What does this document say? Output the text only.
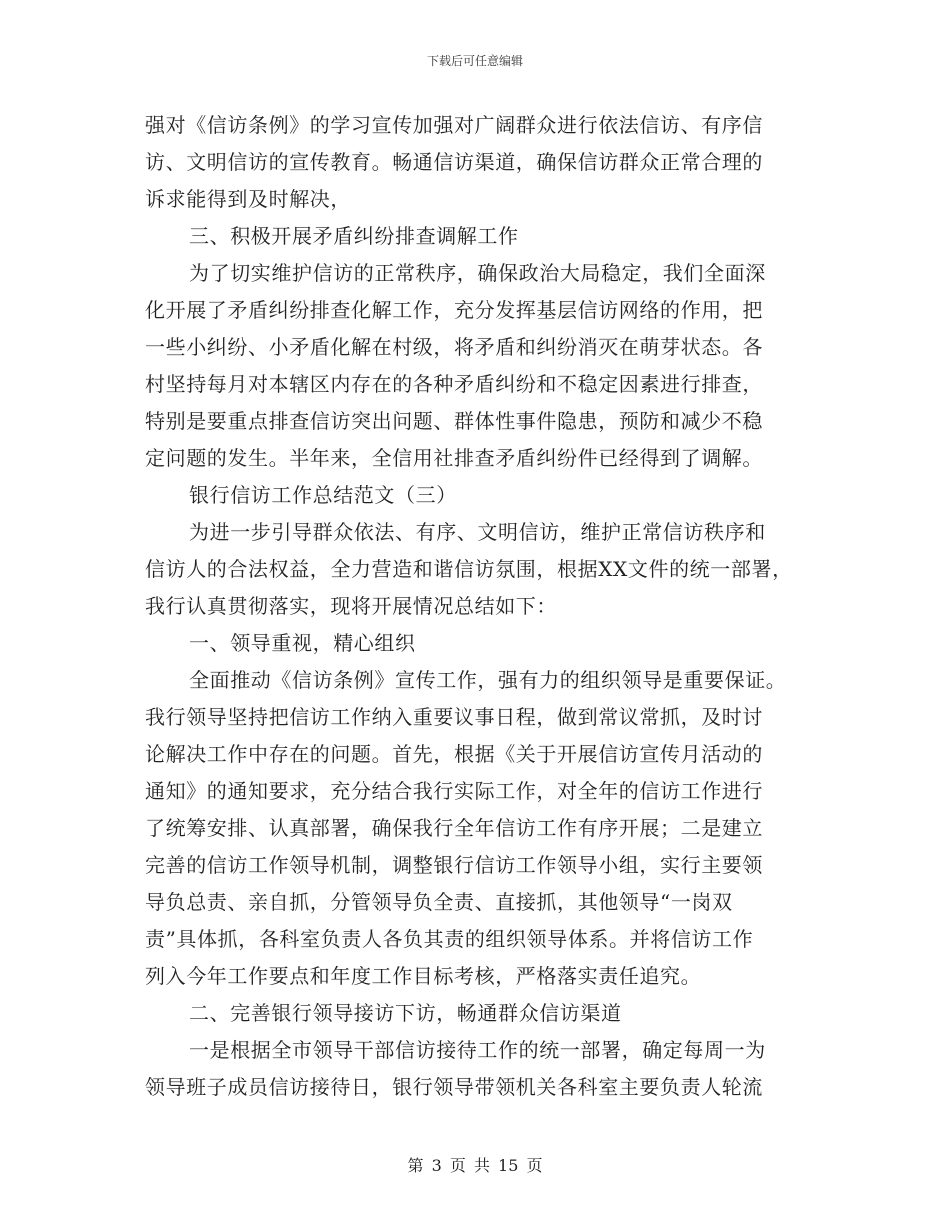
下载后可任意编辑
强对《信访条例》的学习宣传加强对广阔群众进行依法信访、有序信
访、文明信访的宣传教育。畅通信访渠道，确保信访群众正常合理的
诉求能得到及时解决，
三、积极开展矛盾纠纷排查调解工作
为了切实维护信访的正常秩序，确保政治大局稳定，我们全面深
化开展了矛盾纠纷排查化解工作，充分发挥基层信访网络的作用，把
一些小纠纷、小矛盾化解在村级，将矛盾和纠纷消灭在萌芽状态。各
村坚持每月对本辖区内存在的各种矛盾纠纷和不稳定因素进行排查，
特别是要重点排查信访突出问题、群体性事件隐患，预防和减少不稳
定问题的发生。半年来，全信用社排查矛盾纠纷件已经得到了调解。
银行信访工作总结范文（三）
为进一步引导群众依法、有序、文明信访，维护正常信访秩序和
信访人的合法权益，全力营造和谐信访氛围，根据XX文件的统一部署，
我行认真贯彻落实，现将开展情况总结如下：
一、领导重视，精心组织
全面推动《信访条例》宣传工作，强有力的组织领导是重要保证。
我行领导坚持把信访工作纳入重要议事日程，做到常议常抓，及时讨
论解决工作中存在的问题。首先，根据《关于开展信访宣传月活动的
通知》的通知要求，充分结合我行实际工作，对全年的信访工作进行
了统筹安排、认真部署，确保我行全年信访工作有序开展；二是建立
完善的信访工作领导机制，调整银行信访工作领导小组，实行主要领
导负总责、亲自抓，分管领导负全责、直接抓，其他领导“一岗双
责”具体抓，各科室负责人各负其责的组织领导体系。并将信访工作
列入今年工作要点和年度工作目标考核，严格落实责任追究。
二、完善银行领导接访下访，畅通群众信访渠道
一是根据全市领导干部信访接待工作的统一部署，确定每周一为
领导班子成员信访接待日，银行领导带领机关各科室主要负责人轮流
第 3 页 共 15 页
